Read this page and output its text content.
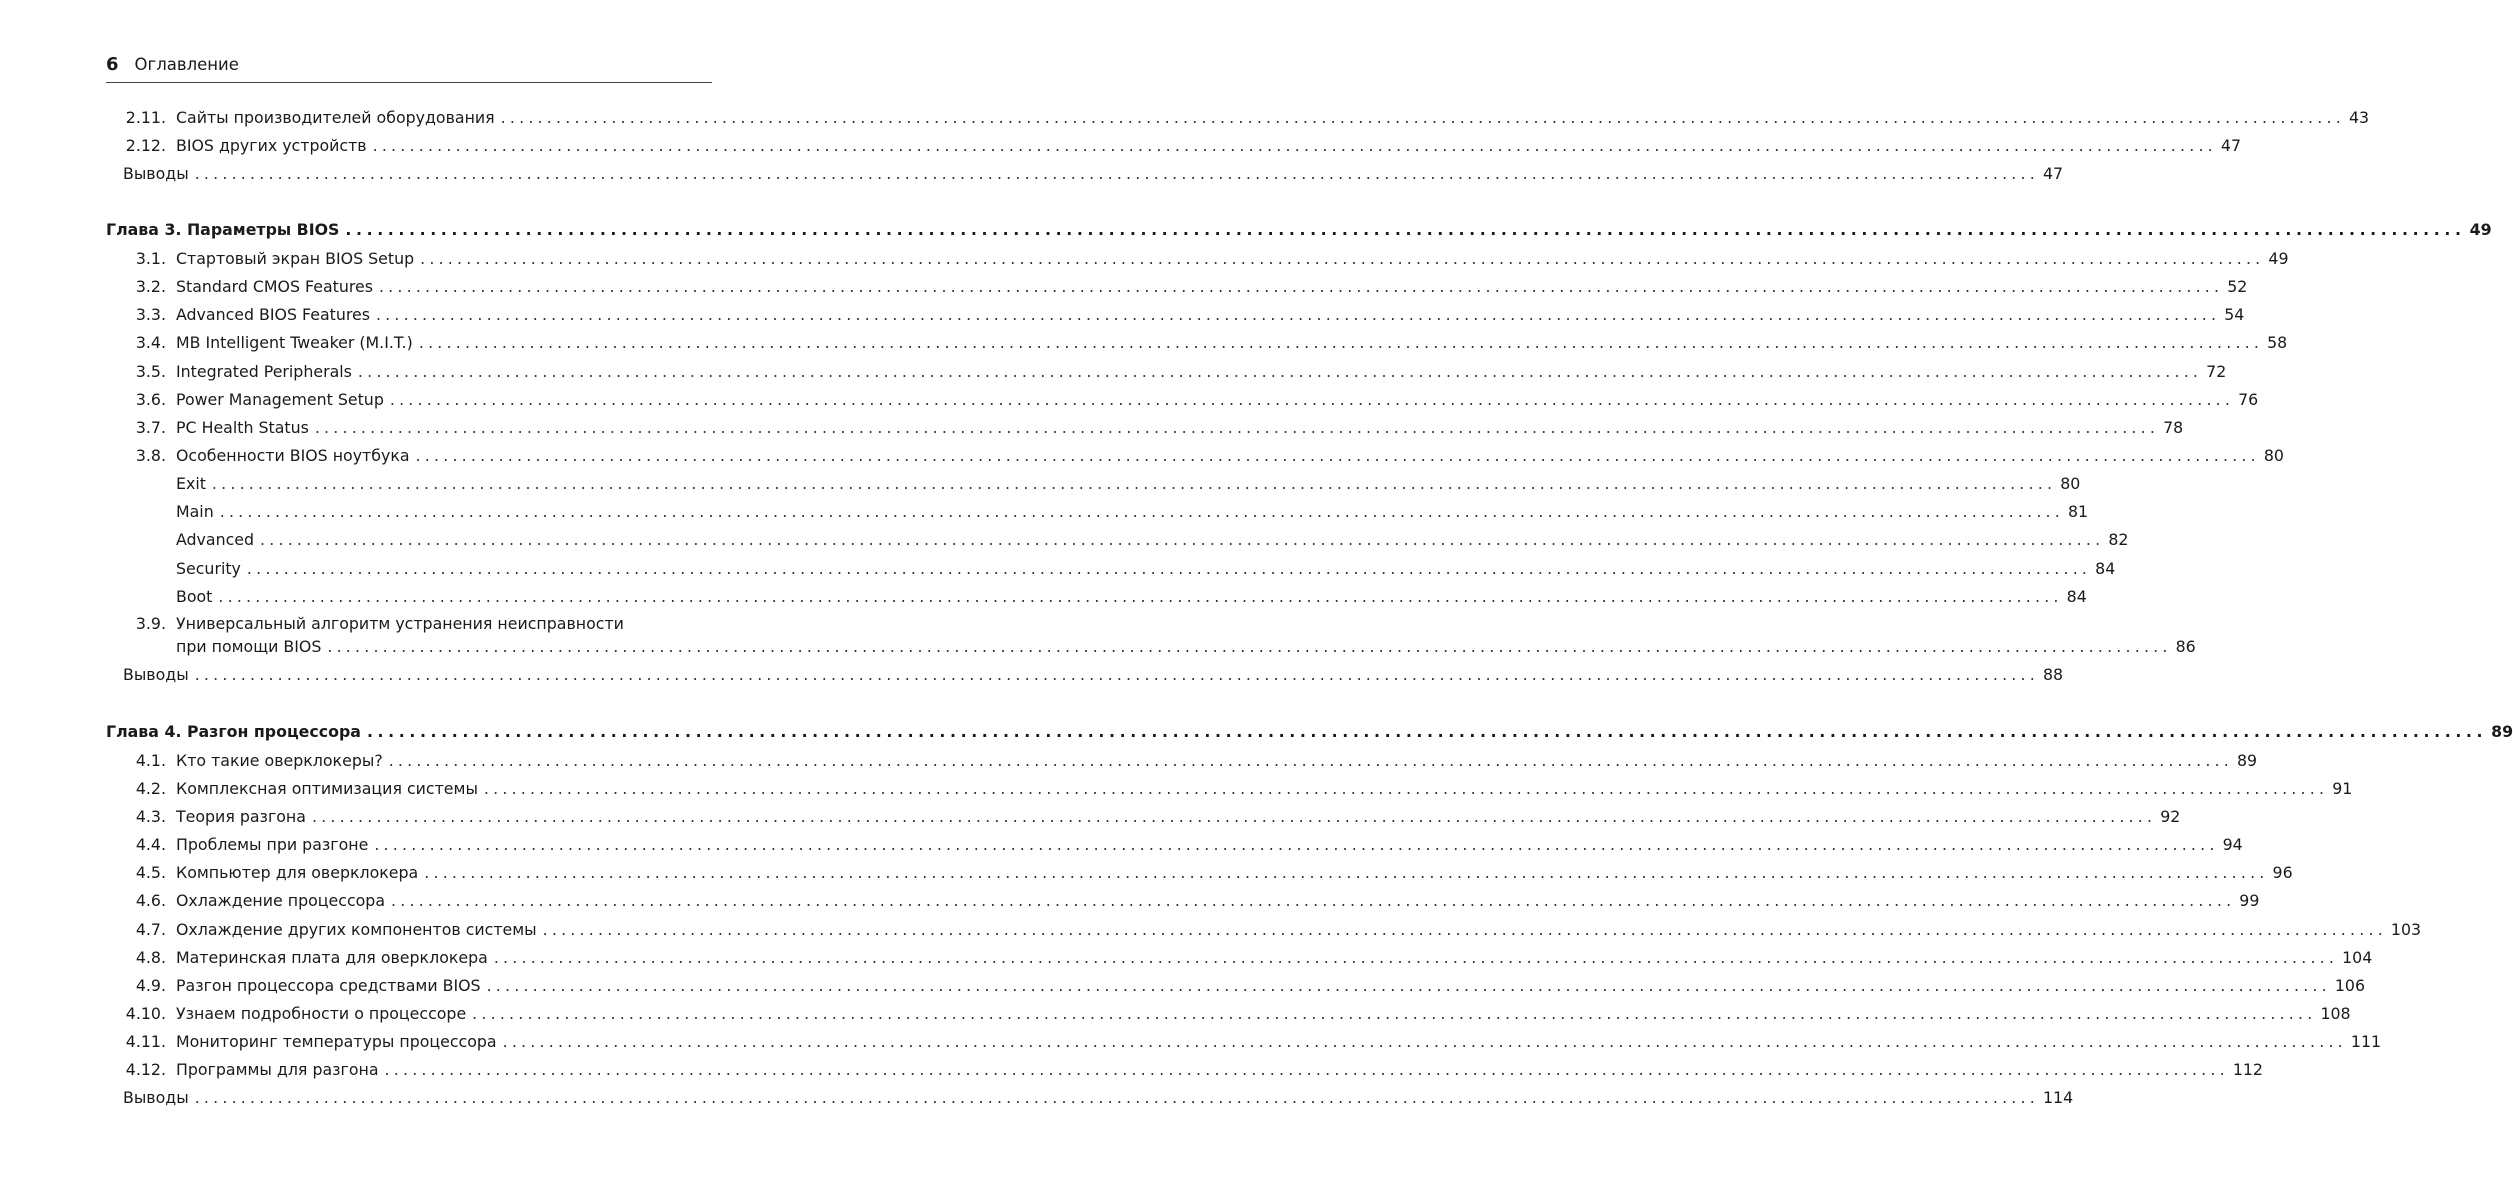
6 Оглавление
2.11. Сайты производителей оборудования ........................................................................................................................................................................................................ 43
2.12. BIOS других устройств ........................................................................................................................................................................................................ 47
Выводы ........................................................................................................................................................................................................ 47
Глава 3. Параметры BIOS ........................................................................................................................................................................................................ 49
3.1. Стартовый экран BIOS Setup ........................................................................................................................................................................................................ 49
3.2. Standard CMOS Features ........................................................................................................................................................................................................ 52
3.3. Advanced BIOS Features ........................................................................................................................................................................................................ 54
3.4. MB Intelligent Tweaker (M.I.T.) ........................................................................................................................................................................................................ 58
3.5. Integrated Peripherals ........................................................................................................................................................................................................ 72
3.6. Power Management Setup ........................................................................................................................................................................................................ 76
3.7. PC Health Status ........................................................................................................................................................................................................ 78
3.8. Особенности BIOS ноутбука ........................................................................................................................................................................................................ 80
Exit ........................................................................................................................................................................................................ 80
Main ........................................................................................................................................................................................................ 81
Advanced ........................................................................................................................................................................................................ 82
Security ........................................................................................................................................................................................................ 84
Boot ........................................................................................................................................................................................................ 84
Универсальный алгоритм устранения неисправности
3.9.
при помощи BIOS ........................................................................................................................................................................................................ 86
Выводы ........................................................................................................................................................................................................ 88
Глава 4. Разгон процессора ........................................................................................................................................................................................................ 89
4.1. Кто такие оверклокеры? ........................................................................................................................................................................................................ 89
4.2. Комплексная оптимизация системы ........................................................................................................................................................................................................ 91
4.3. Теория разгона ........................................................................................................................................................................................................ 92
4.4. Проблемы при разгоне ........................................................................................................................................................................................................ 94
4.5. Компьютер для оверклокера ........................................................................................................................................................................................................ 96
4.6. Охлаждение процессора ........................................................................................................................................................................................................ 99
4.7. Охлаждение других компонентов системы ........................................................................................................................................................................................................ 103
4.8. Материнская плата для оверклокера ........................................................................................................................................................................................................ 104
4.9. Разгон процессора средствами BIOS ........................................................................................................................................................................................................ 106
4.10. Узнаем подробности о процессоре ........................................................................................................................................................................................................ 108
4.11. Мониторинг температуры процессора ........................................................................................................................................................................................................ 111
4.12. Программы для разгона ........................................................................................................................................................................................................ 112
Выводы ........................................................................................................................................................................................................ 114
